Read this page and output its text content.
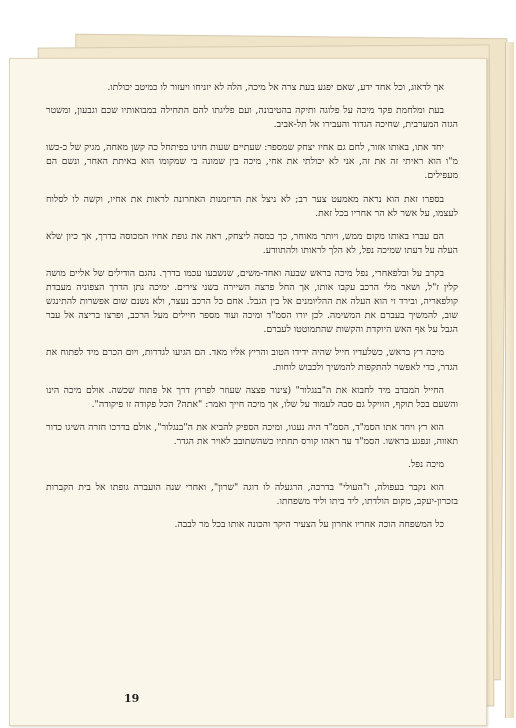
אך לדאוג, וכל אחד ידע, שאם יפגע בעת צרה אל מיכה, הלה לא יזניחו ויעזור לו כמיטב יכולתו.

בעת ומלחמת פקד מיכה על פלוגה ותיקה בהטיבונה, ועם פליגתו להם התחילה במבואותיו שכם וגבעון, ומשטר הגזה המערבית, שחיכה הגדוד והעבירו אל תל-אביב.

יחד אתו, באותו אזור, לחם גם אחיו יצחק שמספר: שעתיים שעות חזינו בפיתחל כה קשן מאחה, מגיק של כ-כשו מ"ו הוא ראיתי זה את זה, אני לא יכולתי את אחי, מיכה בין שמונה בי שמקומו הוא באיתת האחר, ונשם הם מעפילים.

בספרו זאת הוא נראה מאמעט צער רב; לא ניצל את הדיזמנות האחרונה לראות את אחיו, וקשה לו לסלוח לעצמו, על אשר לא הר אחריו בכל זאת.

הם עברו באותו מקום ממש, ויותר מאוחר, כך כמסה ליצחק, ראה את גופת אחיו המכוסה בדרך, אך כיון שלא העלה על דעתו שמיכה נפל, לא הלך לראותו ולהתוודע.

בקרב על ובלפאחרי, נפל מיכה בראש שבעה ואחד-משים, שנשבעו עכמו בדרך. נהגם הודילים של אליים מושה קלין ז"ל, ושאר מלי הרכב עקבו אותו, אך החל פרצה השיירה בשני צירים. ימיכה נתן הדרך הצפוניה מעבדת קולפאריה, ובירד זי הוא העלה את ההליומנים אל בין הגבל. אחם כל הרכב נעצר, ולא נשנם שום אפשרות להתינגש שוב, להמשיך בעברם את המשימה. לכן יורו הסמ"ד ומיכה ועוד מספר חיילים מעל הרכב, ופרצו בריצה אל עבר הגבל על אף האש היוקדת והקשות שהתמוטטו לעברם.

מיכה רץ בראש, כשלעדיו חייל שהיה ידידו הטוב והריץ אליו מאד. הם הגיעו לגדרות, ויום הכרם מיד לפתוח את הגדר, כדי לאפשר להתקפות להמשיך ולכבוש לוחות.

החייל המבדב מיד לחבוא את ה"בנגלור" (צינור פצצה שעוזר לפרוץ דרך אל פתוח שכשה. אולם מיכה הינו והשעם בכל תוקף, הוויקל גם סבה לעמוד על שלו, אך מיכה חייך ואמר: "אתה? הכל פקודה זו פיקודה".

הוא רץ ויחד אתו הסמ"ד, הסמ"ד היה נעגוו, ומיכה הספיק להביא את ה"בנגלור", אולם בדרכו חזרה השיגו כדור תאווה, ונפגע בראשו. הסמ"ד עד ראהו קורס תחתיו כשהשתובב לאויר את הגדר.

מיכה נפל.

הוא נקבר בעפולה, ו"העולי" בדרכה, הרגעלה לו דוגה "שרון", ואחרי שנה הועברה גופתו אל בית הקברות בזכרון-יעקב, מקום הולדתו, ליד ביתו וליד משפחתו.

כל המשפחה הוכה אחריו אחרון על הצעיר היקר והכונה אותו בכל מר לבבה.

19
